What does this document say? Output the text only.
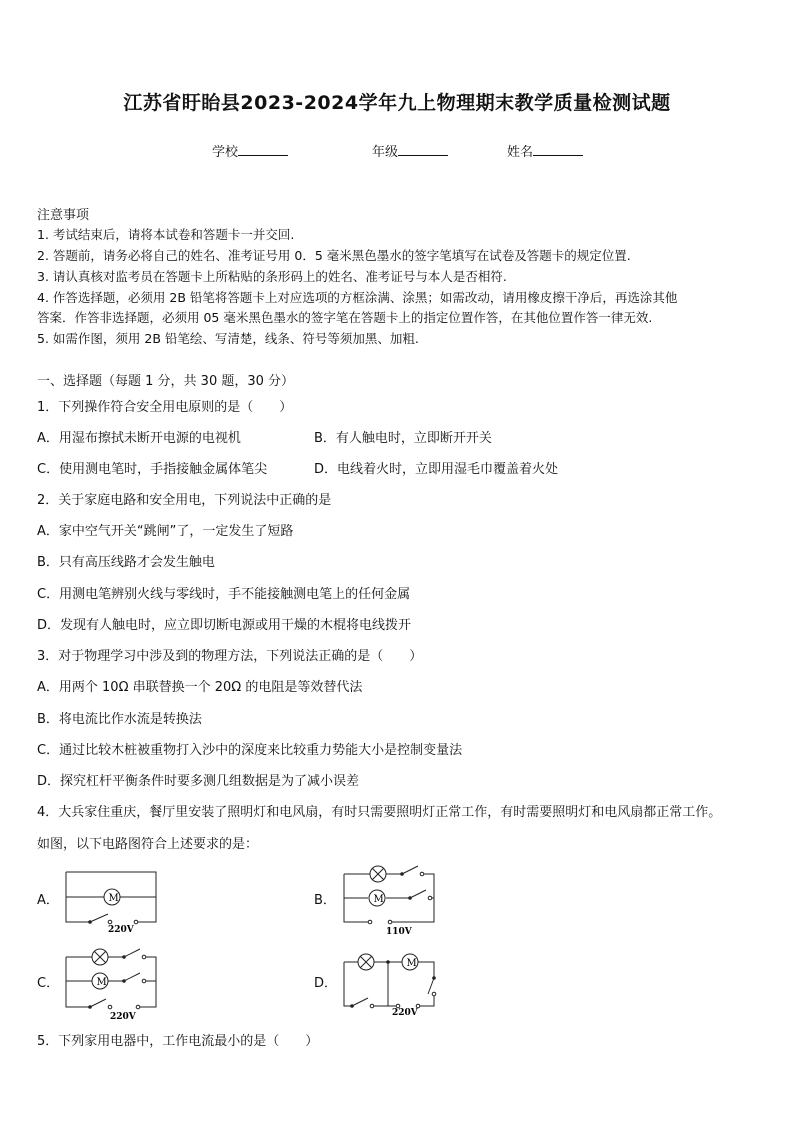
江苏省盱眙县2023-2024学年九上物理期末教学质量检测试题
学校	年级	姓名
注意事项
1. 考试结束后，请将本试卷和答题卡一并交回.
2. 答题前，请务必将自己的姓名、准考证号用 0．5 毫米黑色墨水的签字笔填写在试卷及答题卡的规定位置.
3. 请认真核对监考员在答题卡上所粘贴的条形码上的姓名、准考证号与本人是否相符.
4. 作答选择题，必须用 2B 铅笔将答题卡上对应选项的方框涂满、涂黑；如需改动，请用橡皮擦干净后，再选涂其他
答案．作答非选择题，必须用 05 毫米黑色墨水的签字笔在答题卡上的指定位置作答，在其他位置作答一律无效.
5. 如需作图，须用 2B 铅笔绘、写清楚，线条、符号等须加黑、加粗.
一、选择题（每题 1 分，共 30 题，30 分）
1．下列操作符合安全用电原则的是（　　）
A．用湿布擦拭未断开电源的电视机	B．有人触电时，立即断开开关
C．使用测电笔时，手指接触金属体笔尖	D．电线着火时，立即用湿毛巾覆盖着火处
2．关于家庭电路和安全用电，下列说法中正确的是
A．家中空气开关“跳闸”了，一定发生了短路
B．只有高压线路才会发生触电
C．用测电笔辨别火线与零线时，手不能接触测电笔上的任何金属
D．发现有人触电时，应立即切断电源或用干燥的木棍将电线拨开
3．对于物理学习中涉及到的物理方法，下列说法正确的是（　　）
A．用两个 10Ω 串联替换一个 20Ω 的电阻是等效替代法
B．将电流比作水流是转换法
C．通过比较木桩被重物打入沙中的深度来比较重力势能大小是控制变量法
D．探究杠杆平衡条件时要多测几组数据是为了减小误差
4．大兵家住重庆，餐厅里安装了照明灯和电风扇，有时只需要照明灯正常工作，有时需要照明灯和电风扇都正常工作。
如图，以下电路图符合上述要求的是：
A．	M
220V
B．	M
110V
C．	M
220V
D．
M
220V
5．下列家用电器中，工作电流最小的是（　　）
